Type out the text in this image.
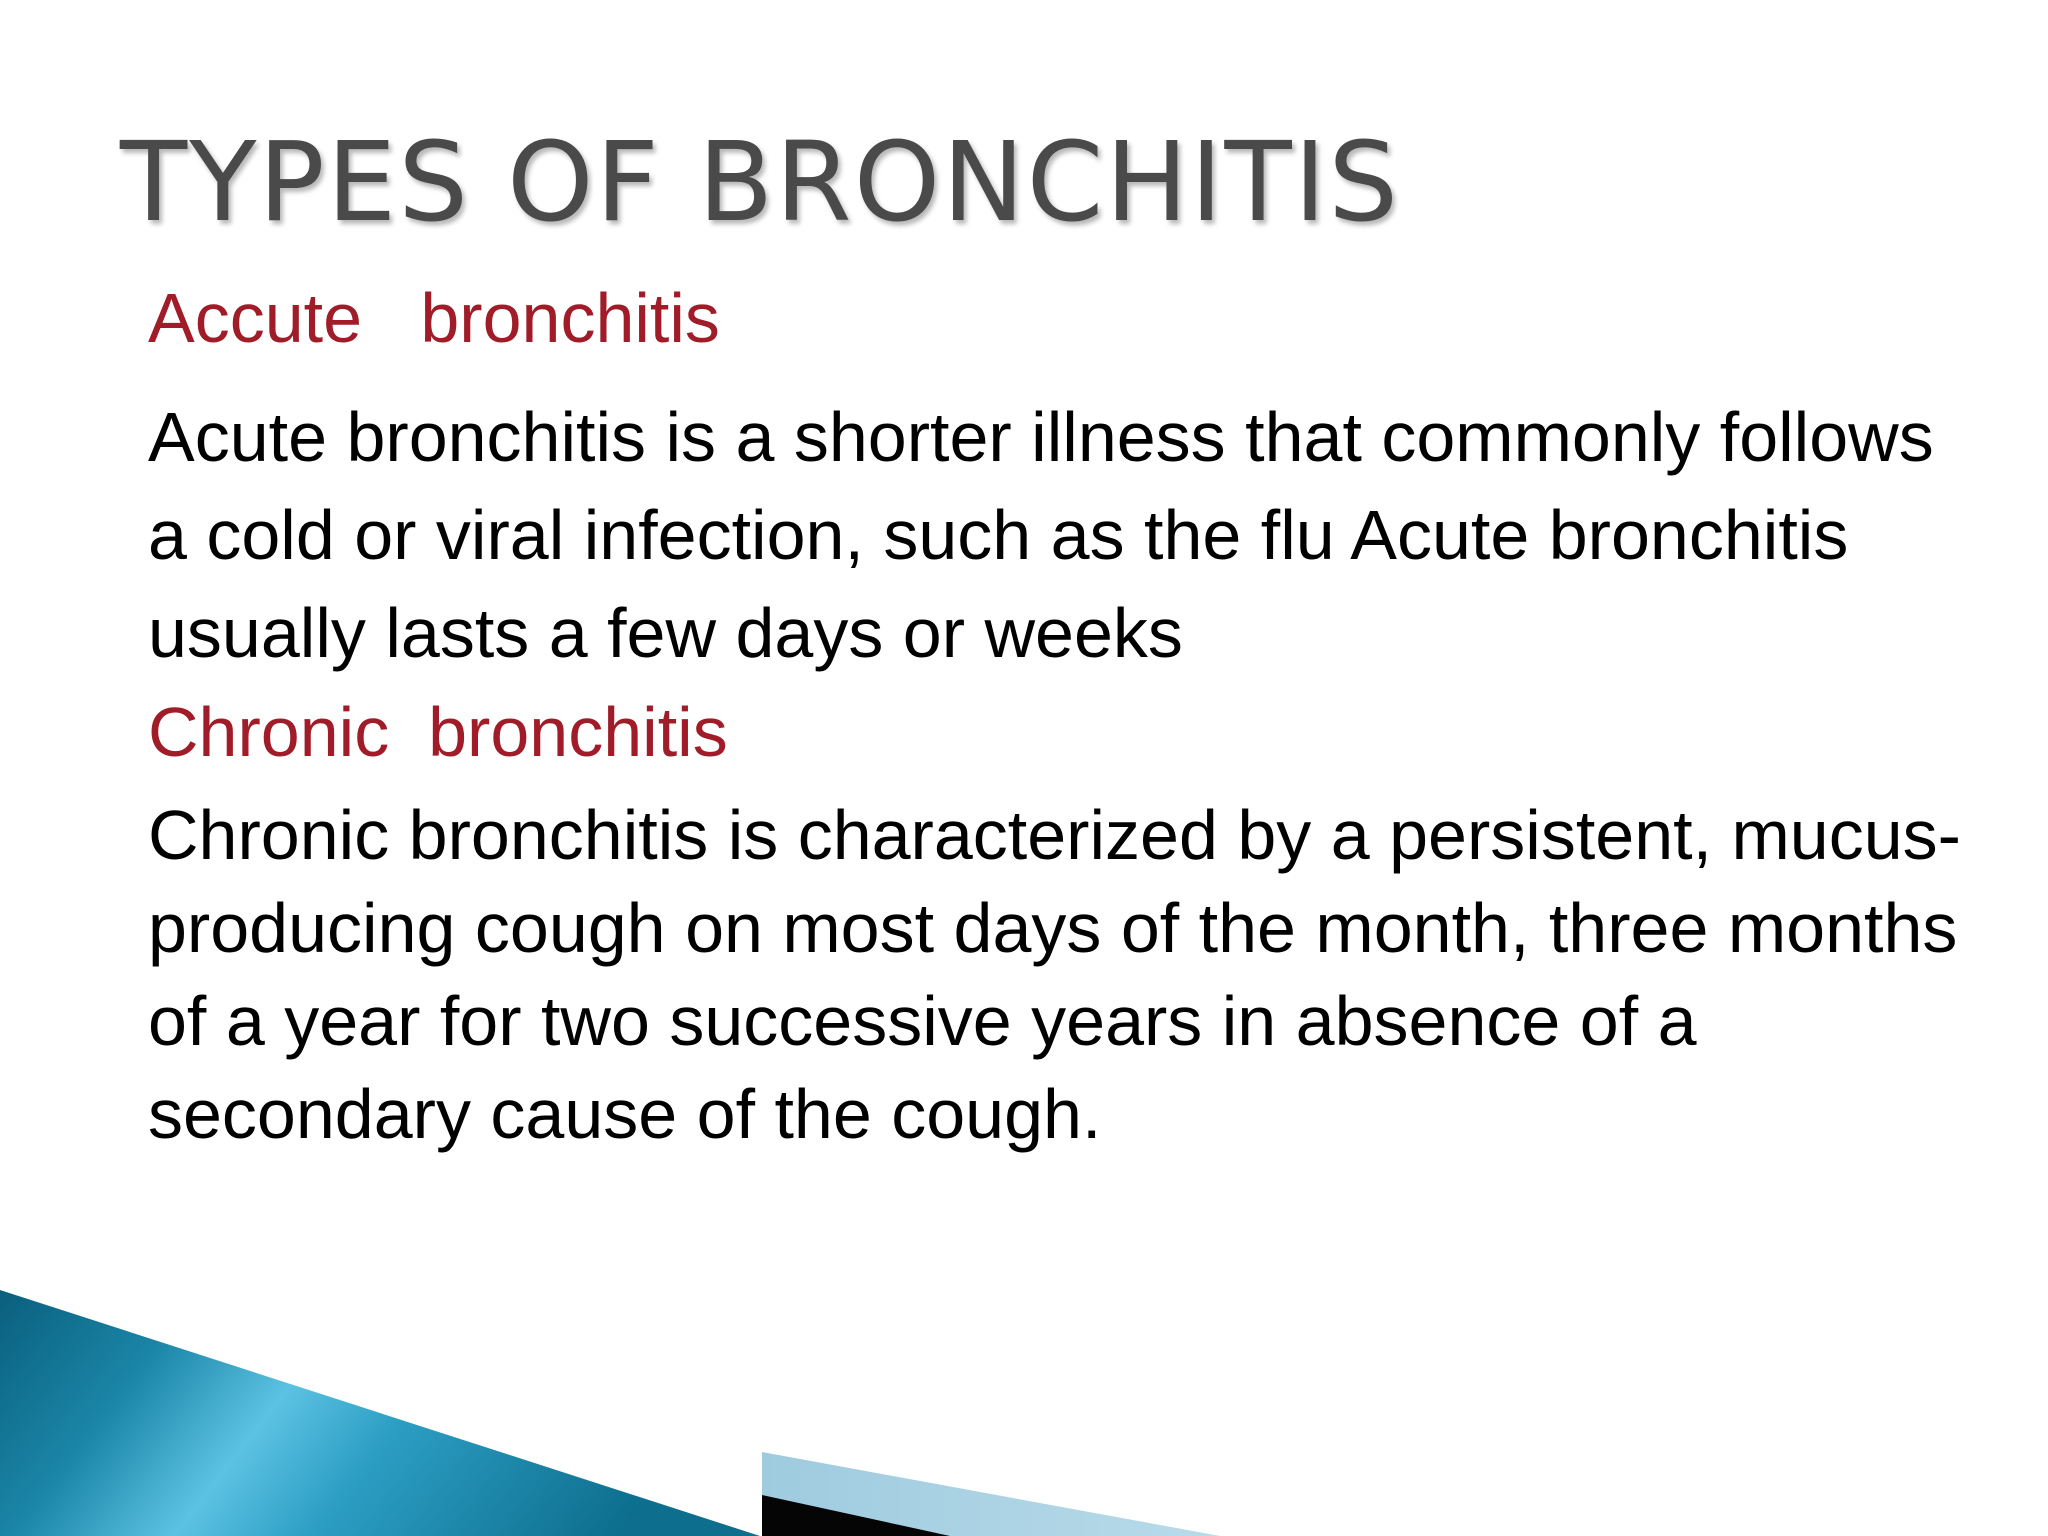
TYPES OF BRONCHITIS
Accute   bronchitis

Acute bronchitis is a shorter illness that commonly follows a cold or viral infection, such as the flu Acute bronchitis usually lasts a few days or weeks

Chronic  bronchitis

Chronic bronchitis is characterized by a persistent, mucus-producing cough on most days of the month, three months of a year for two successive years in absence of a secondary cause of the cough.
